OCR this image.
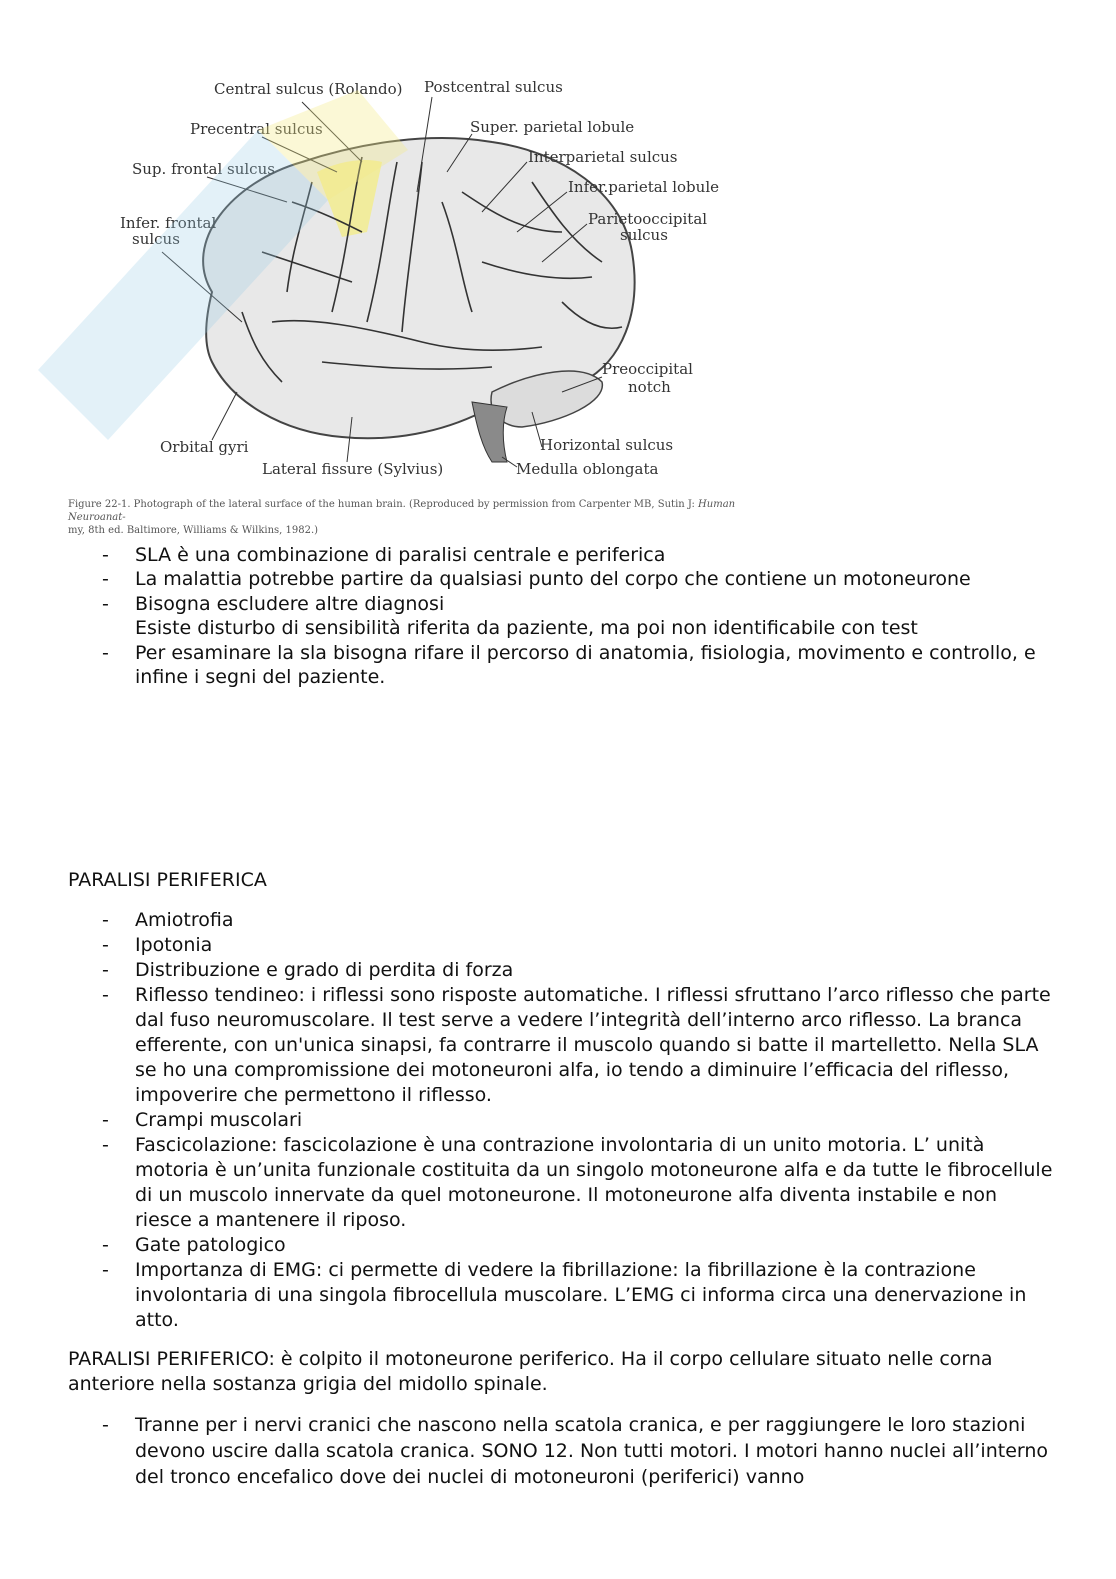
Central sulcus (Rolando) Postcentral sulcus
Precentral sulcus	Super. parietal lobule
Sup. frontal sulcus
Interparietal sulcus
Infer.parietal lobule
Infer. frontal
sulcus
Parietooccipital
sulcus
Preoccipital
notch
Orbital gyri	Horizontal sulcus
Lateral fissure (Sylvius)	Medulla oblongata
Figure 22-1. Photograph of the lateral surface of the human brain. (Reproduced by permission from Carpenter MB, Sutin J: Human Neuroanat-
my, 8th ed. Baltimore, Williams & Wilkins, 1982.)
- SLA è una combinazione di paralisi centrale e periferica
- La malattia potrebbe partire da qualsiasi punto del corpo che contiene un motoneurone
- Bisogna escludere altre diagnosi
Esiste disturbo di sensibilità riferita da paziente, ma poi non identificabile con test
- Per esaminare la sla bisogna rifare il percorso di anatomia, fisiologia, movimento e controllo, e infine i segni del paziente.
PARALISI PERIFERICA
- Amiotrofia
- Ipotonia
- Distribuzione e grado di perdita di forza
- Riflesso tendineo: i riflessi sono risposte automatiche. I riflessi sfruttano l’arco riflesso che parte dal fuso neuromuscolare. Il test serve a vedere l’integrità dell’interno arco riflesso. La branca efferente, con un'unica sinapsi, fa contrarre il muscolo quando si batte il martelletto. Nella SLA se ho una compromissione dei motoneuroni alfa, io tendo a diminuire l’efficacia del riflesso, impoverire che permettono il riflesso.
- Crampi muscolari
- Fascicolazione: fascicolazione è una contrazione involontaria di un unito motoria. L’ unità motoria è un’unita funzionale costituita da un singolo motoneurone alfa e da tutte le fibrocellule di un muscolo innervate da quel motoneurone. Il motoneurone alfa diventa instabile e non riesce a mantenere il riposo.
- Gate patologico
- Importanza di EMG: ci permette di vedere la fibrillazione: la fibrillazione è la contrazione involontaria di una singola fibrocellula muscolare. L’EMG ci informa circa una denervazione in atto.
PARALISI PERIFERICO: è colpito il motoneurone periferico. Ha il corpo cellulare situato nelle corna anteriore nella sostanza grigia del midollo spinale.
- Tranne per i nervi cranici che nascono nella scatola cranica, e per raggiungere le loro stazioni devono uscire dalla scatola cranica. SONO 12. Non tutti motori. I motori hanno nuclei all’interno del tronco encefalico dove dei nuclei di motoneuroni (periferici) vanno
